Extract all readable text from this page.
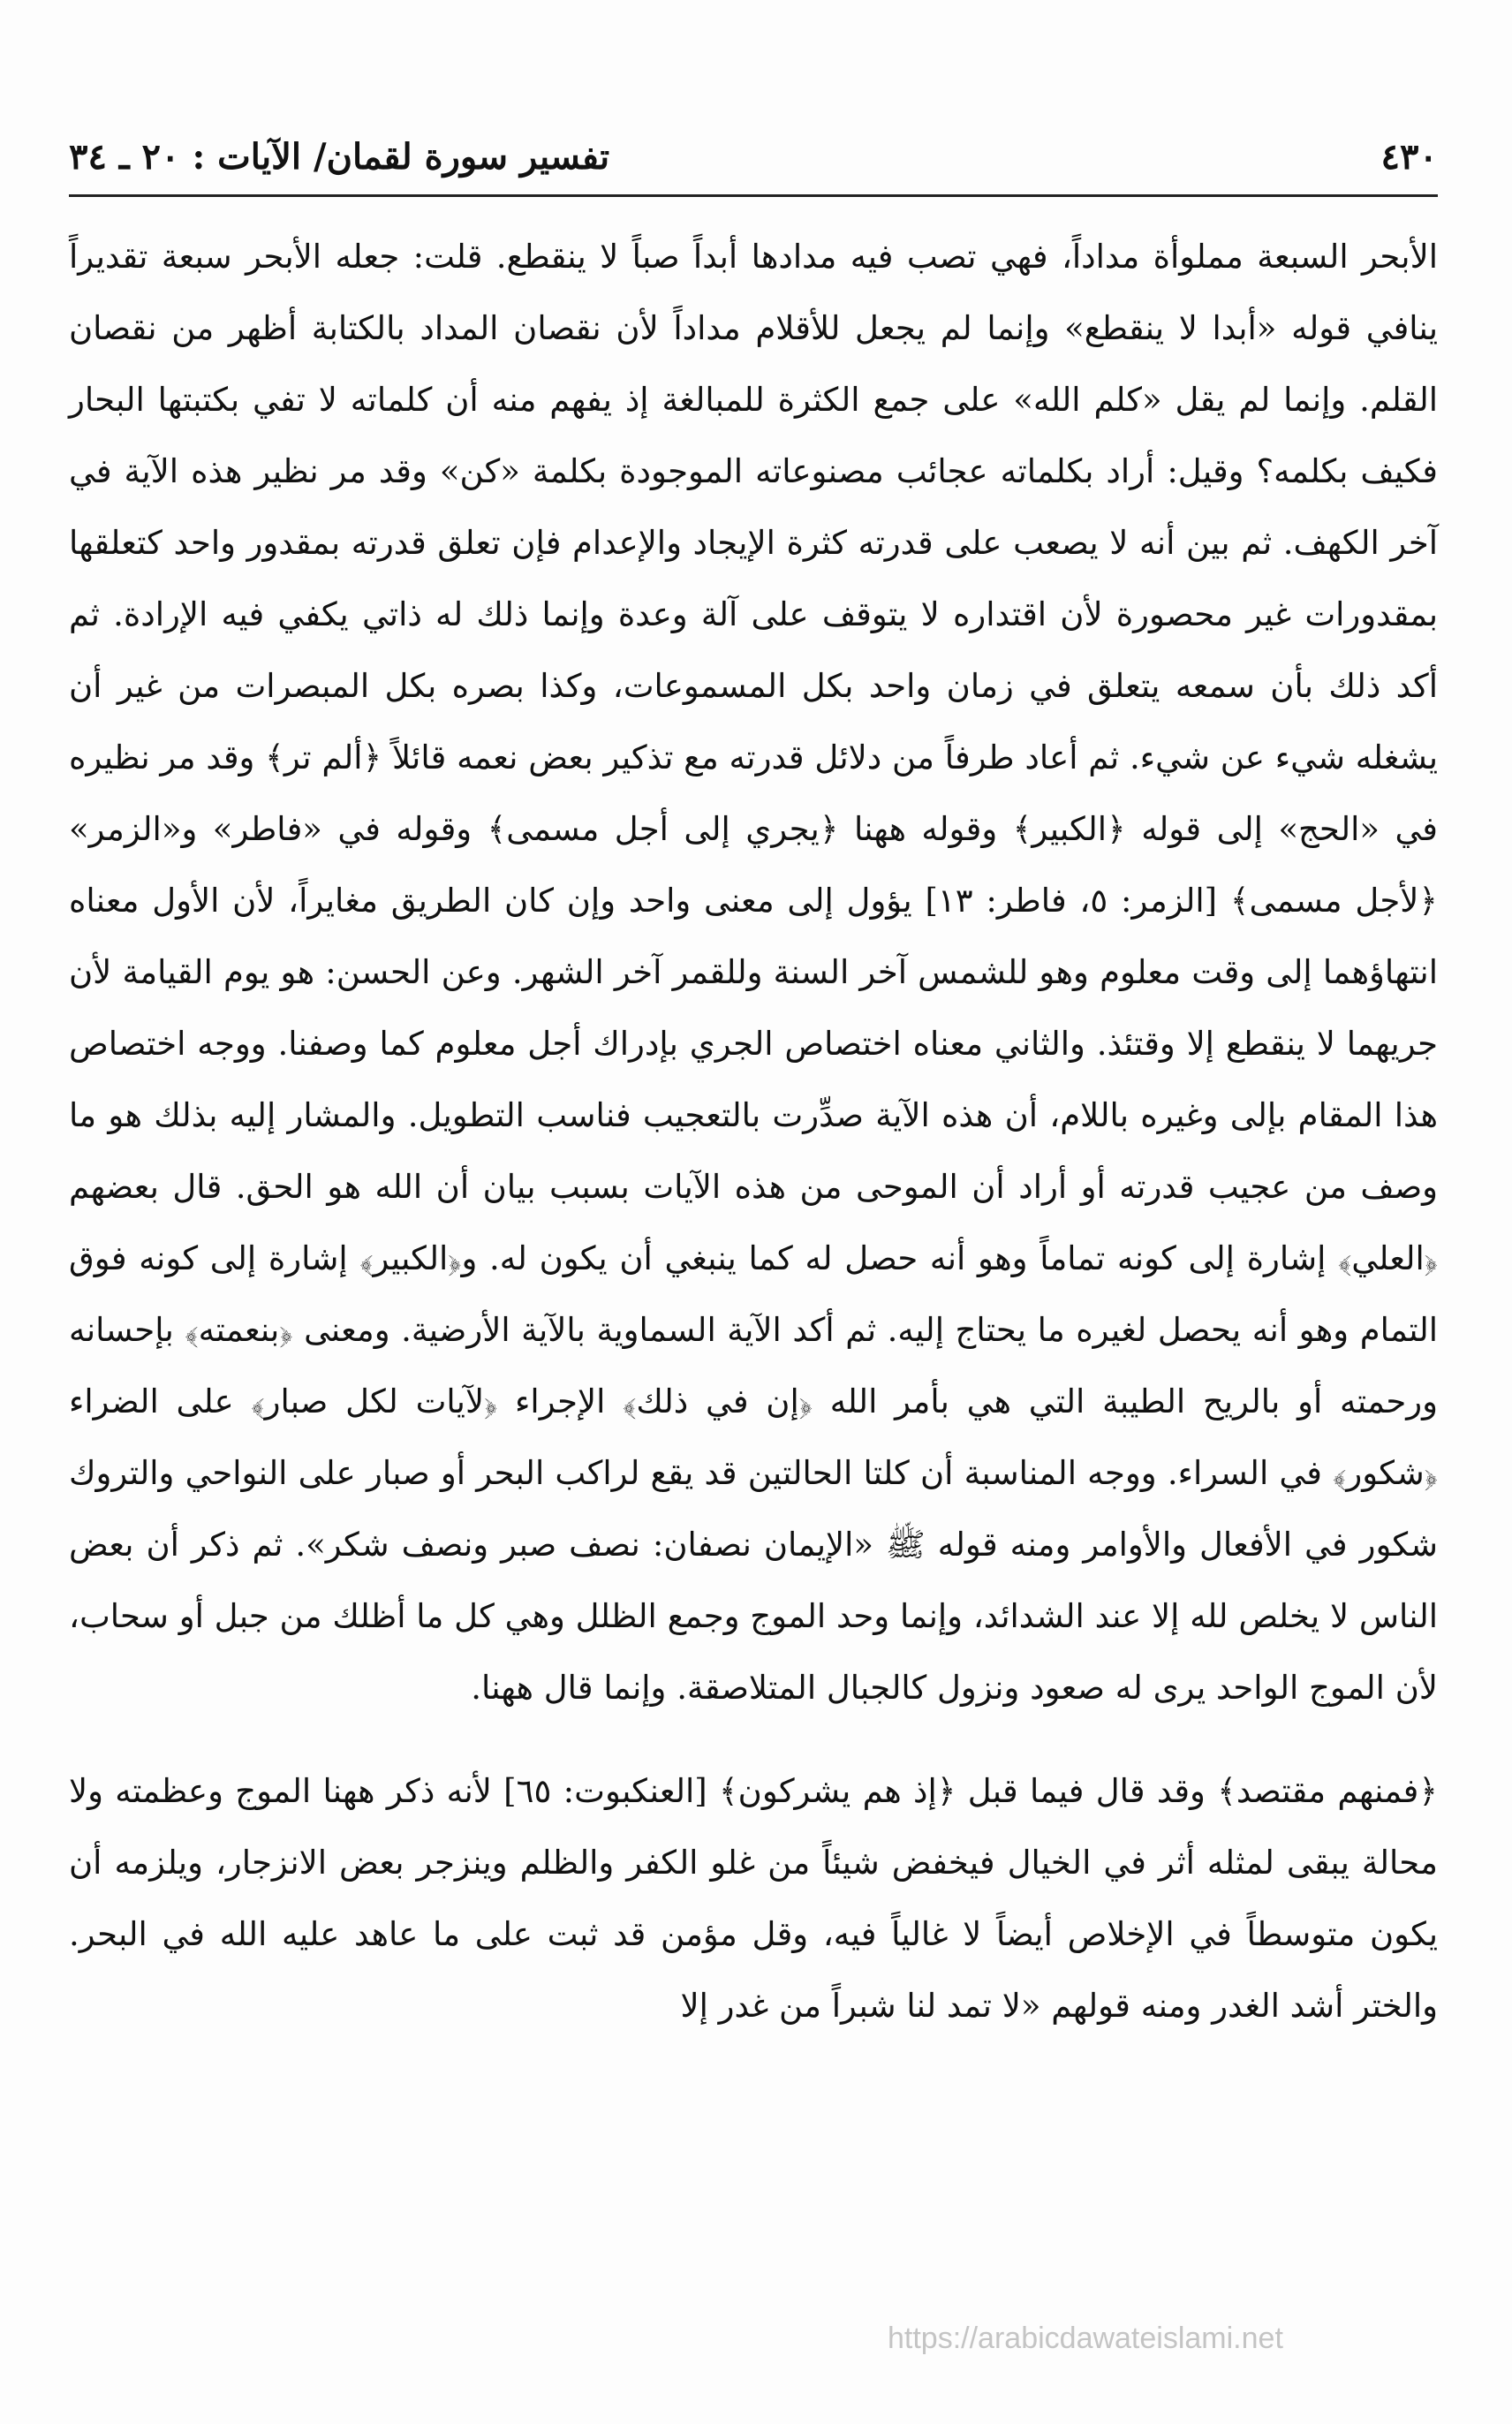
٤٣٠
تفسير سورة لقمان/ الآيات : ٢٠ ـ ٣٤

الأبحر السبعة مملوأة مداداً، فهي تصب فيه مدادها أبداً صباً لا ينقطع. قلت: جعله الأبحر سبعة تقديراً ينافي قوله «أبدا لا ينقطع» وإنما لم يجعل للأقلام مداداً لأن نقصان المداد بالكتابة أظهر من نقصان القلم. وإنما لم يقل «كلم الله» على جمع الكثرة للمبالغة إذ يفهم منه أن كلماته لا تفي بكتبتها البحار فكيف بكلمه؟ وقيل: أراد بكلماته عجائب مصنوعاته الموجودة بكلمة «كن» وقد مر نظير هذه الآية في آخر الكهف. ثم بين أنه لا يصعب على قدرته كثرة الإيجاد والإعدام فإن تعلق قدرته بمقدور واحد كتعلقها بمقدورات غير محصورة لأن اقتداره لا يتوقف على آلة وعدة وإنما ذلك له ذاتي يكفي فيه الإرادة. ثم أكد ذلك بأن سمعه يتعلق في زمان واحد بكل المسموعات، وكذا بصره بكل المبصرات من غير أن يشغله شيء عن شيء. ثم أعاد طرفاً من دلائل قدرته مع تذكير بعض نعمه قائلاً ﴿ألم تر﴾ وقد مر نظيره في «الحج» إلى قوله ﴿الكبير﴾ وقوله ههنا ﴿يجري إلى أجل مسمى﴾ وقوله في «فاطر» و«الزمر» ﴿لأجل مسمى﴾ [الزمر: ٥، فاطر: ١٣] يؤول إلى معنى واحد وإن كان الطريق مغايراً، لأن الأول معناه انتهاؤهما إلى وقت معلوم وهو للشمس آخر السنة وللقمر آخر الشهر. وعن الحسن: هو يوم القيامة لأن جريهما لا ينقطع إلا وقتئذ. والثاني معناه اختصاص الجري بإدراك أجل معلوم كما وصفنا. ووجه اختصاص هذا المقام بإلى وغيره باللام، أن هذه الآية صدِّرت بالتعجيب فناسب التطويل. والمشار إليه بذلك هو ما وصف من عجيب قدرته أو أراد أن الموحى من هذه الآيات بسبب بيان أن الله هو الحق. قال بعضهم ﴿العلي﴾ إشارة إلى كونه تماماً وهو أنه حصل له كما ينبغي أن يكون له. و﴿الكبير﴾ إشارة إلى كونه فوق التمام وهو أنه يحصل لغيره ما يحتاج إليه. ثم أكد الآية السماوية بالآية الأرضية. ومعنى ﴿بنعمته﴾ بإحسانه ورحمته أو بالريح الطيبة التي هي بأمر الله ﴿إن في ذلك﴾ الإجراء ﴿لآيات لكل صبار﴾ على الضراء ﴿شكور﴾ في السراء. ووجه المناسبة أن كلتا الحالتين قد يقع لراكب البحر أو صبار على النواحي والتروك شكور في الأفعال والأوامر ومنه قوله ﷺ «الإيمان نصفان: نصف صبر ونصف شكر». ثم ذكر أن بعض الناس لا يخلص لله إلا عند الشدائد، وإنما وحد الموج وجمع الظلل وهي كل ما أظلك من جبل أو سحاب، لأن الموج الواحد يرى له صعود ونزول كالجبال المتلاصقة. وإنما قال ههنا.

﴿فمنهم مقتصد﴾ وقد قال فيما قبل ﴿إذ هم يشركون﴾ [العنكبوت: ٦٥] لأنه ذكر ههنا الموج وعظمته ولا محالة يبقى لمثله أثر في الخيال فيخفض شيئاً من غلو الكفر والظلم وينزجر بعض الانزجار، ويلزمه أن يكون متوسطاً في الإخلاص أيضاً لا غالياً فيه، وقل مؤمن قد ثبت على ما عاهد عليه الله في البحر. والختر أشد الغدر ومنه قولهم «لا تمد لنا شبراً من غدر إلا

https://arabicdawateislami.net
